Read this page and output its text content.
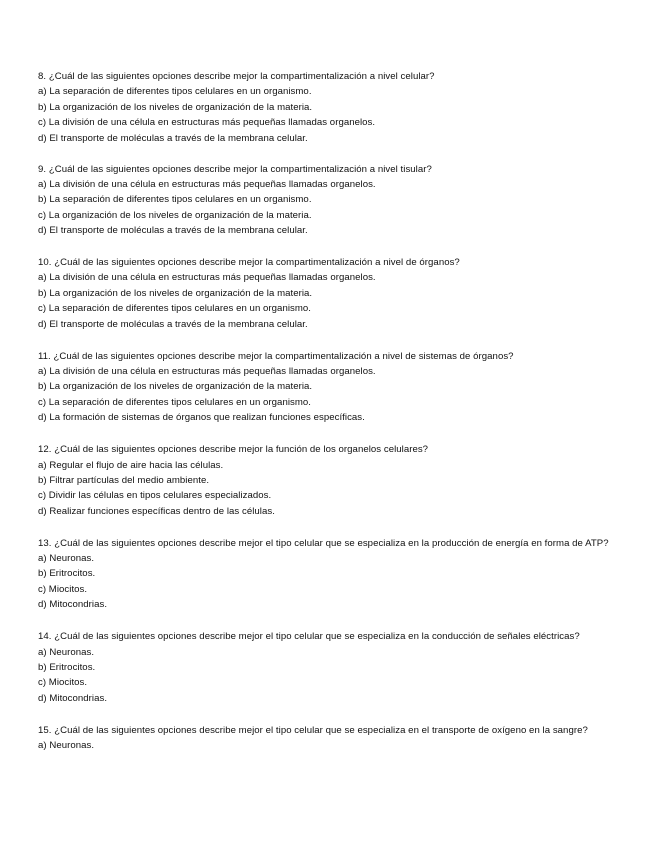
8. ¿Cuál de las siguientes opciones describe mejor la compartimentalización a nivel celular?
a) La separación de diferentes tipos celulares en un organismo.
b) La organización de los niveles de organización de la materia.
c) La división de una célula en estructuras más pequeñas llamadas organelos.
d) El transporte de moléculas a través de la membrana celular.
9. ¿Cuál de las siguientes opciones describe mejor la compartimentalización a nivel tisular?
a) La división de una célula en estructuras más pequeñas llamadas organelos.
b) La separación de diferentes tipos celulares en un organismo.
c) La organización de los niveles de organización de la materia.
d) El transporte de moléculas a través de la membrana celular.
10. ¿Cuál de las siguientes opciones describe mejor la compartimentalización a nivel de órganos?
a) La división de una célula en estructuras más pequeñas llamadas organelos.
b) La organización de los niveles de organización de la materia.
c) La separación de diferentes tipos celulares en un organismo.
d) El transporte de moléculas a través de la membrana celular.
11. ¿Cuál de las siguientes opciones describe mejor la compartimentalización a nivel de sistemas de órganos?
a) La división de una célula en estructuras más pequeñas llamadas organelos.
b) La organización de los niveles de organización de la materia.
c) La separación de diferentes tipos celulares en un organismo.
d) La formación de sistemas de órganos que realizan funciones específicas.
12. ¿Cuál de las siguientes opciones describe mejor la función de los organelos celulares?
a) Regular el flujo de aire hacia las células.
b) Filtrar partículas del medio ambiente.
c) Dividir las células en tipos celulares especializados.
d) Realizar funciones específicas dentro de las células.
13. ¿Cuál de las siguientes opciones describe mejor el tipo celular que se especializa en la producción de energía en forma de ATP?
a) Neuronas.
b) Eritrocitos.
c) Miocitos.
d) Mitocondrias.
14. ¿Cuál de las siguientes opciones describe mejor el tipo celular que se especializa en la conducción de señales eléctricas?
a) Neuronas.
b) Eritrocitos.
c) Miocitos.
d) Mitocondrias.
15. ¿Cuál de las siguientes opciones describe mejor el tipo celular que se especializa en el transporte de oxígeno en la sangre?
a) Neuronas.
